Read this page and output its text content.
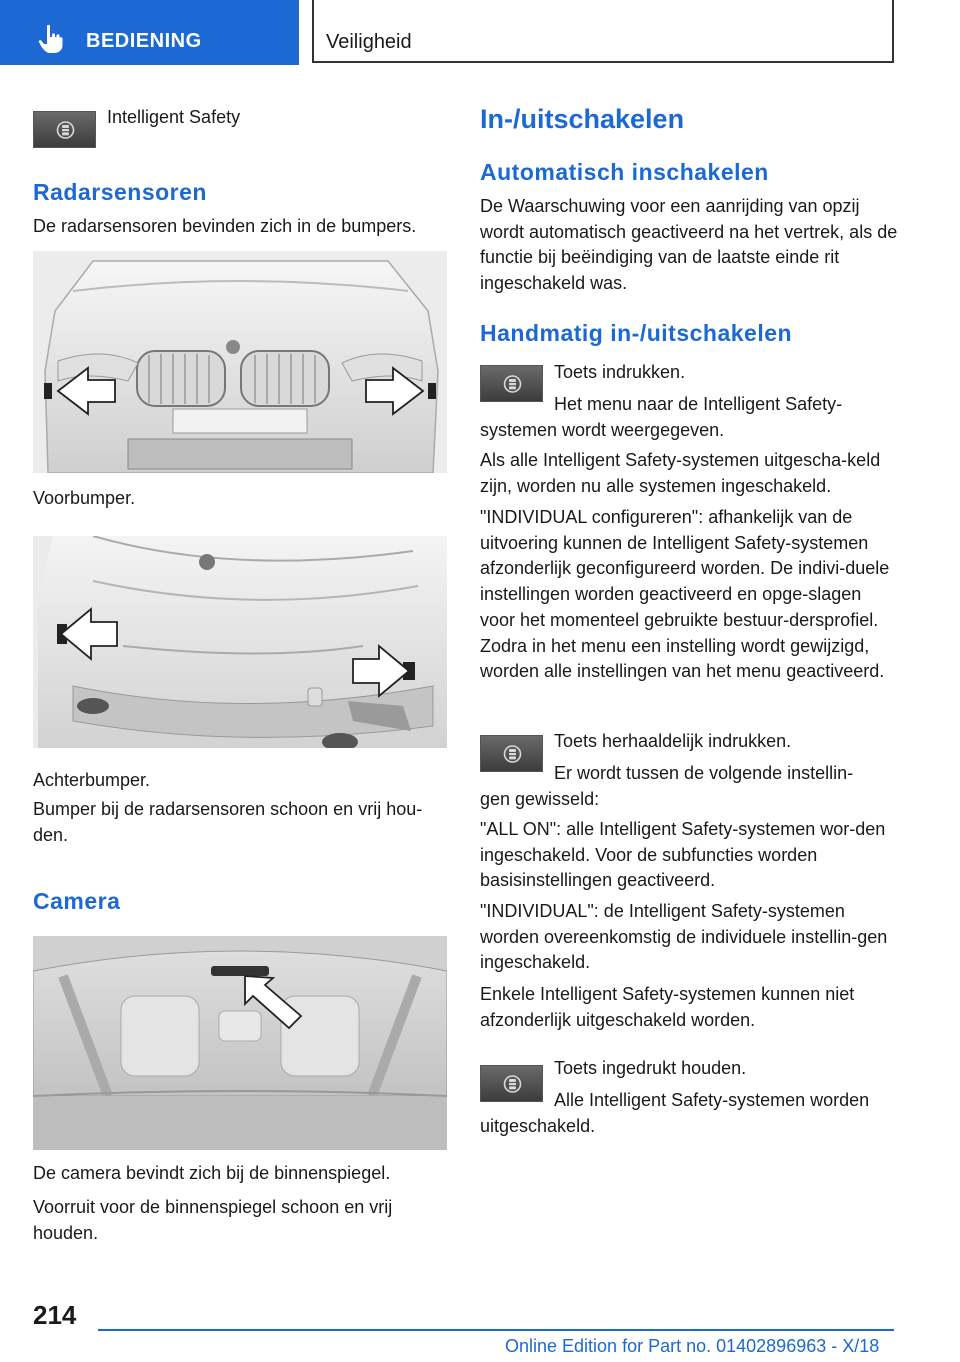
BEDIENING	Veiligheid

Intelligent Safety

Radarsensoren

De radarsensoren bevinden zich in de bumpers.

Voorbumper.

Achterbumper.

Bumper bij de radarsensoren schoon en vrij hou‐den.

Camera

De camera bevindt zich bij de binnenspiegel.

Voorruit voor de binnenspiegel schoon en vrij houden.

In-/uitschakelen
Automatisch inschakelen

De Waarschuwing voor een aanrijding van opzij wordt automatisch geactiveerd na het vertrek, als de functie bij beëindiging van de laatste einde rit ingeschakeld was.

Handmatig in-/uitschakelen

Toets indrukken.

Het menu naar de Intelligent Safety-

systemen wordt weergegeven.

Als alle Intelligent Safety-systemen uitgescha‐keld zijn, worden nu alle systemen ingeschakeld.

"INDIVIDUAL configureren": afhankelijk van de uitvoering kunnen de Intelligent Safety-systemen afzonderlijk geconfigureerd worden. De indivi‐duele instellingen worden geactiveerd en opge‐slagen voor het momenteel gebruikte bestuur‐dersprofiel. Zodra in het menu een instelling wordt gewijzigd, worden alle instellingen van het menu geactiveerd.

Toets herhaaldelijk indrukken.

Er wordt tussen de volgende instellin‐

gen gewisseld:

"ALL ON": alle Intelligent Safety-systemen wor‐den ingeschakeld. Voor de subfuncties worden basisinstellingen geactiveerd.

"INDIVIDUAL": de Intelligent Safety-systemen worden overeenkomstig de individuele instellin‐gen ingeschakeld.

Enkele Intelligent Safety-systemen kunnen niet afzonderlijk uitgeschakeld worden.

Toets ingedrukt houden.

Alle Intelligent Safety-systemen worden

uitgeschakeld.

214
Online Edition for Part no. 01402896963 - X/18
